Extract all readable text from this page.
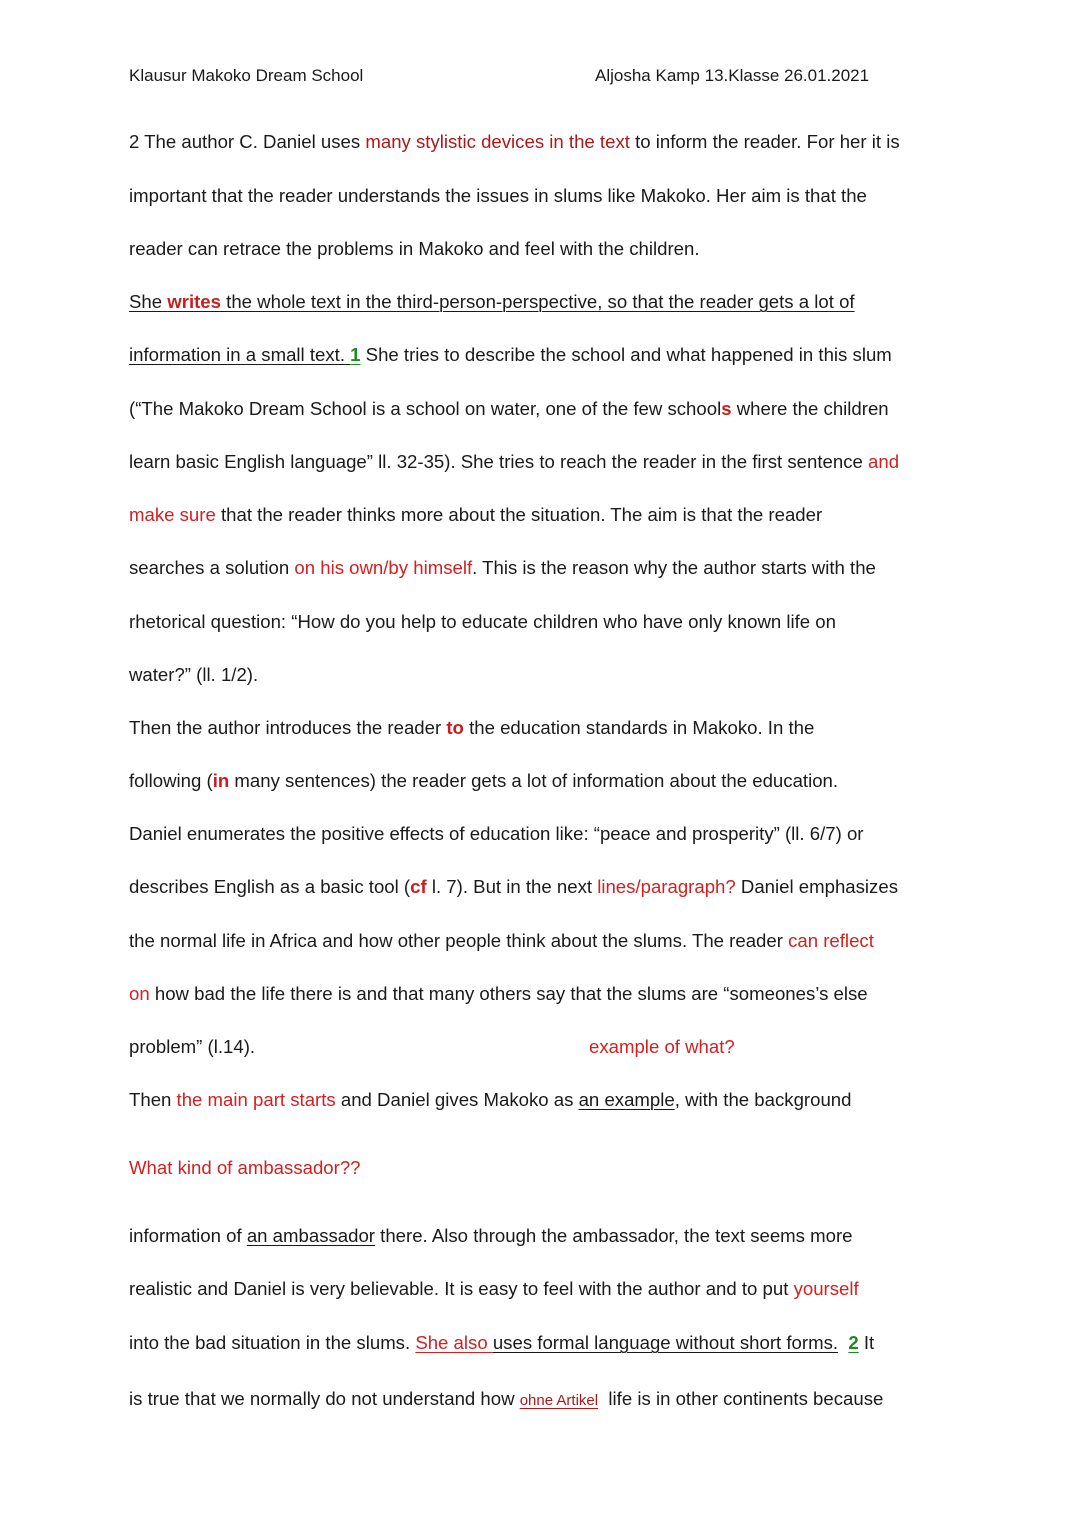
Klausur Makoko Dream School	Aljosha Kamp 13.Klasse 26.01.2021
2 The author C. Daniel uses many stylistic devices in the text to inform the reader. For her it is
important that the reader understands the issues in slums like Makoko. Her aim is that the
reader can retrace the problems in Makoko and feel with the children.
She writes the whole text in the third-person-perspective, so that the reader gets a lot of
information in a small text. 1 She tries to describe the school and what happened in this slum
(“The Makoko Dream School is a school on water, one of the few schools where the children
learn basic English language” ll. 32-35). She tries to reach the reader in the first sentence and
make sure that the reader thinks more about the situation. The aim is that the reader
searches a solution on his own/by himself. This is the reason why the author starts with the
rhetorical question: “How do you help to educate children who have only known life on
water?” (ll. 1/2).
Then the author introduces the reader to the education standards in Makoko. In the
following (in many sentences) the reader gets a lot of information about the education.
Daniel enumerates the positive effects of education like: “peace and prosperity” (ll. 6/7) or
describes English as a basic tool (cf l. 7). But in the next lines/paragraph? Daniel emphasizes
the normal life in Africa and how other people think about the slums. The reader can reflect
on how bad the life there is and that many others say that the slums are “someones’s else
problem” (l.14).	example of what?
Then the main part starts and Daniel gives Makoko as an example, with the background
What kind of ambassador??
information of an ambassador there. Also through the ambassador, the text seems more
realistic and Daniel is very believable. It is easy to feel with the author and to put yourself
into the bad situation in the slums. She also uses formal language without short forms. 2 It
is true that we normally do not understand how ohne Artikel  life is in other continents because
